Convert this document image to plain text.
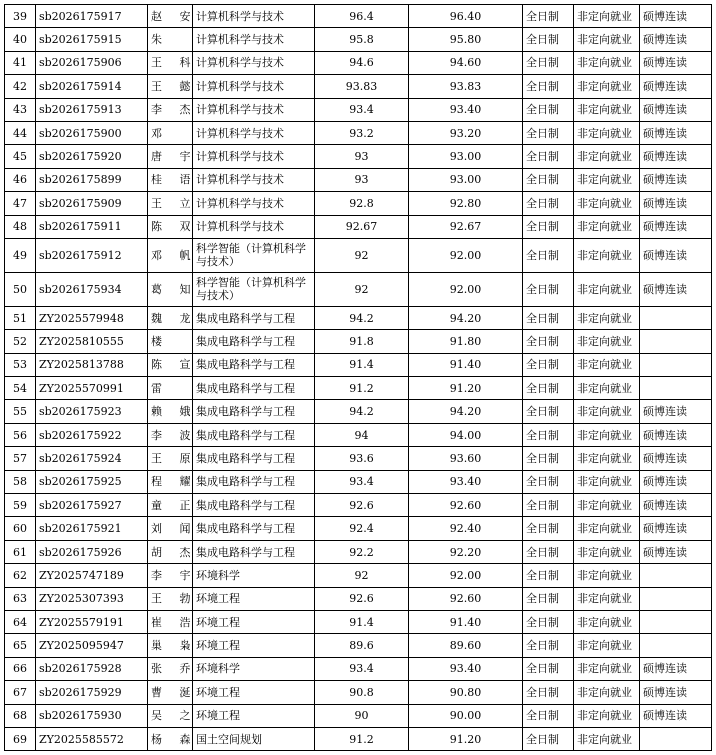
39	sb2026175917	赵 安	计算机科学与技术	96.4	96.40	全日制	非定向就业	硕博连读
40	sb2026175915	朱	计算机科学与技术	95.8	95.80	全日制	非定向就业	硕博连读
41	sb2026175906	王 科	计算机科学与技术	94.6	94.60	全日制	非定向就业	硕博连读
42	sb2026175914	王 懿	计算机科学与技术	93.83	93.83	全日制	非定向就业	硕博连读
43	sb2026175913	李 杰	计算机科学与技术	93.4	93.40	全日制	非定向就业	硕博连读
44	sb2026175900	邓	计算机科学与技术	93.2	93.20	全日制	非定向就业	硕博连读
45	sb2026175920	唐 宇	计算机科学与技术	93	93.00	全日制	非定向就业	硕博连读
46	sb2026175899	桂 语	计算机科学与技术	93	93.00	全日制	非定向就业	硕博连读
47	sb2026175909	王 立	计算机科学与技术	92.8	92.80	全日制	非定向就业	硕博连读
48	sb2026175911	陈 双	计算机科学与技术	92.67	92.67	全日制	非定向就业	硕博连读
49	sb2026175912	邓 帆	科学智能（计算机科学与技术）	92	92.00	全日制	非定向就业	硕博连读
50	sb2026175934	葛 知	科学智能（计算机科学与技术）	92	92.00	全日制	非定向就业	硕博连读
51	ZY2025579948	魏 龙	集成电路科学与工程	94.2	94.20	全日制	非定向就业	
52	ZY2025810555	楼	集成电路科学与工程	91.8	91.80	全日制	非定向就业	
53	ZY2025813788	陈 宣	集成电路科学与工程	91.4	91.40	全日制	非定向就业	
54	ZY2025570991	雷	集成电路科学与工程	91.2	91.20	全日制	非定向就业	
55	sb2026175923	赖 娥	集成电路科学与工程	94.2	94.20	全日制	非定向就业	硕博连读
56	sb2026175922	李 波	集成电路科学与工程	94	94.00	全日制	非定向就业	硕博连读
57	sb2026175924	王 原	集成电路科学与工程	93.6	93.60	全日制	非定向就业	硕博连读
58	sb2026175925	程 耀	集成电路科学与工程	93.4	93.40	全日制	非定向就业	硕博连读
59	sb2026175927	童 正	集成电路科学与工程	92.6	92.60	全日制	非定向就业	硕博连读
60	sb2026175921	刘 闻	集成电路科学与工程	92.4	92.40	全日制	非定向就业	硕博连读
61	sb2026175926	胡 杰	集成电路科学与工程	92.2	92.20	全日制	非定向就业	硕博连读
62	ZY2025747189	李 宇	环境科学	92	92.00	全日制	非定向就业	
63	ZY2025307393	王 勃	环境工程	92.6	92.60	全日制	非定向就业	
64	ZY2025579191	崔 浩	环境工程	91.4	91.40	全日制	非定向就业	
65	ZY2025095947	巢 枭	环境工程	89.6	89.60	全日制	非定向就业	
66	sb2026175928	张 乔	环境科学	93.4	93.40	全日制	非定向就业	硕博连读
67	sb2026175929	曹 涎	环境工程	90.8	90.80	全日制	非定向就业	硕博连读
68	sb2026175930	吴 之	环境工程	90	90.00	全日制	非定向就业	硕博连读
69	ZY2025585572	杨 森	国土空间规划	91.2	91.20	全日制	非定向就业	
